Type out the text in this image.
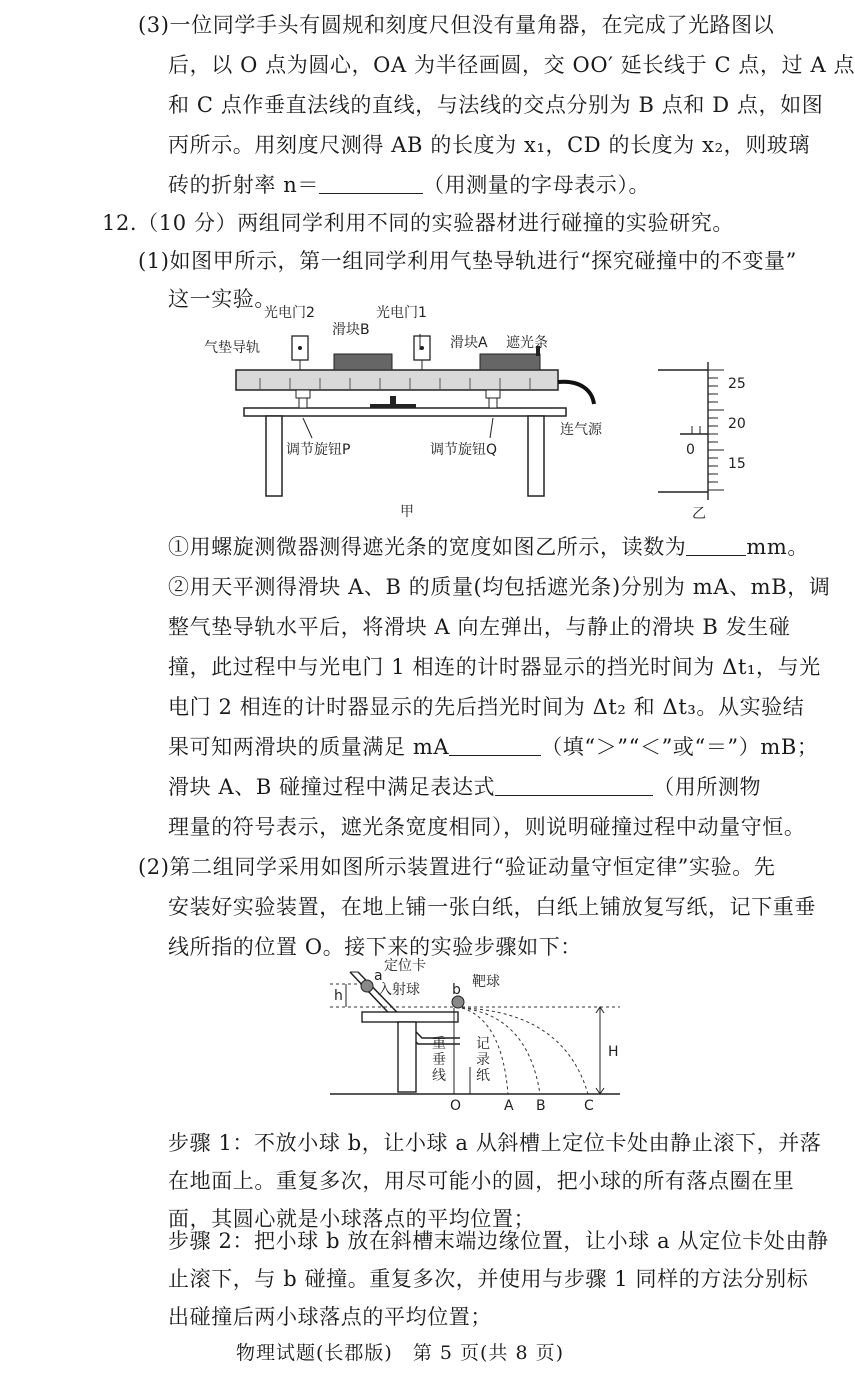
(3)一位同学手头有圆规和刻度尺但没有量角器，在完成了光路图以
后，以 O 点为圆心，OA 为半径画圆，交 OO′ 延长线于 C 点，过 A 点
和 C 点作垂直法线的直线，与法线的交点分别为 B 点和 D 点，如图
丙所示。用刻度尺测得 AB 的长度为 x₁，CD 的长度为 x₂，则玻璃
砖的折射率 n＝	（用测量的字母表示）。
12.（10 分）两组同学利用不同的实验器材进行碰撞的实验研究。
(1)如图甲所示，第一组同学利用气垫导轨进行“探究碰撞中的不变量”
这一实验。
光电门2
滑块B
光电门1
滑块A 遮光条
气垫导轨
连气源
调节旋钮P	调节旋钮Q
甲
25
20
15
0
乙
①用螺旋测微器测得遮光条的宽度如图乙所示，读数为	mm。
②用天平测得滑块 A、B 的质量(均包括遮光条)分别为 mA、mB，调
整气垫导轨水平后，将滑块 A 向左弹出，与静止的滑块 B 发生碰
撞，此过程中与光电门 1 相连的计时器显示的挡光时间为 Δt₁，与光
电门 2 相连的计时器显示的先后挡光时间为 Δt₂ 和 Δt₃。从实验结
果可知两滑块的质量满足 mA	（填“＞”“＜”或“＝”）mB；
滑块 A、B 碰撞过程中满足表达式	（用所测物
理量的符号表示，遮光条宽度相同），则说明碰撞过程中动量守恒。
(2)第二组同学采用如图所示装置进行“验证动量守恒定律”实验。先
安装好实验装置，在地上铺一张白纸，白纸上铺放复写纸，记下重垂
线所指的位置 O。接下来的实验步骤如下：
定位卡
a
入射球 b 靶球
h
H
重
垂
线
记
录
纸
O	A B	C
步骤 1：不放小球 b，让小球 a 从斜槽上定位卡处由静止滚下，并落
在地面上。重复多次，用尽可能小的圆，把小球的所有落点圈在里
面，其圆心就是小球落点的平均位置；
步骤 2：把小球 b 放在斜槽末端边缘位置，让小球 a 从定位卡处由静
止滚下，与 b 碰撞。重复多次，并使用与步骤 1 同样的方法分别标
出碰撞后两小球落点的平均位置；
物理试题(长郡版)　第 5 页(共 8 页)
